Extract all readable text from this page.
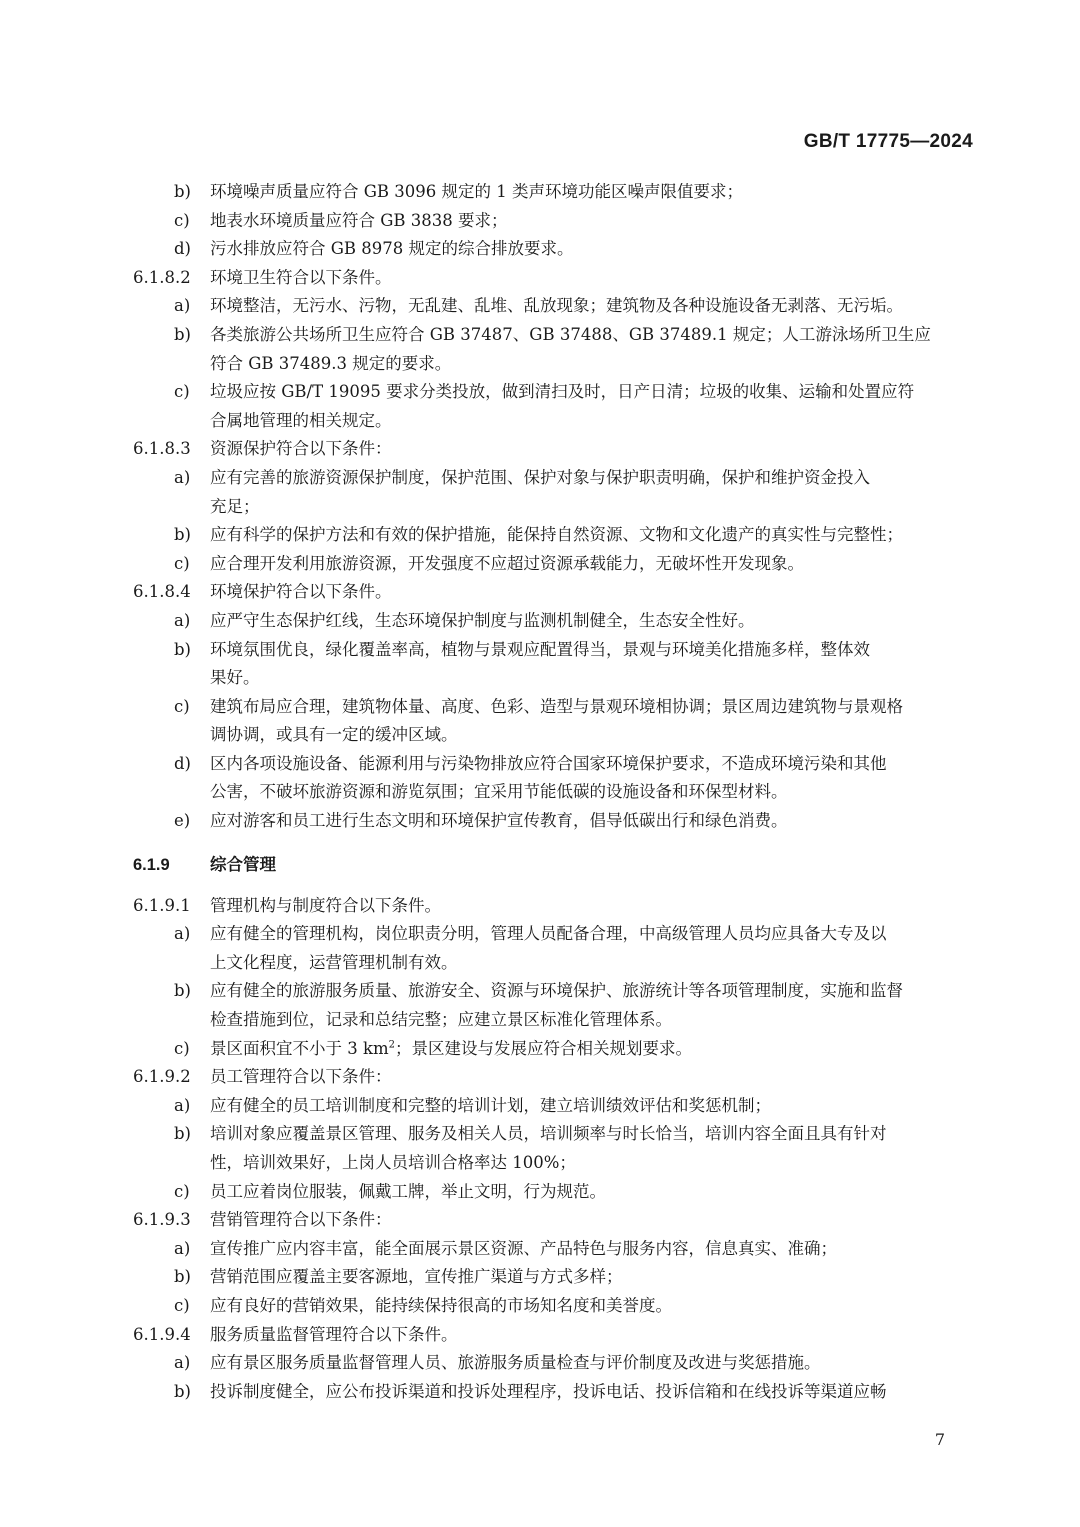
GB/T 17775—2024
b) 环境噪声质量应符合 GB 3096 规定的 1 类声环境功能区噪声限值要求；
c) 地表水环境质量应符合 GB 3838 要求；
d) 污水排放应符合 GB 8978 规定的综合排放要求。
6.1.8.2 环境卫生符合以下条件。
a) 环境整洁，无污水、污物，无乱建、乱堆、乱放现象；建筑物及各种设施设备无剥落、无污垢。
b) 各类旅游公共场所卫生应符合 GB 37487、GB 37488、GB 37489.1 规定；人工游泳场所卫生应
符合 GB 37489.3 规定的要求。
c) 垃圾应按 GB/T 19095 要求分类投放，做到清扫及时，日产日清；垃圾的收集、运输和处置应符
合属地管理的相关规定。
6.1.8.3 资源保护符合以下条件：
a) 应有完善的旅游资源保护制度，保护范围、保护对象与保护职责明确，保护和维护资金投入
充足；
b) 应有科学的保护方法和有效的保护措施，能保持自然资源、文物和文化遗产的真实性与完整性；
c) 应合理开发利用旅游资源，开发强度不应超过资源承载能力，无破坏性开发现象。
6.1.8.4 环境保护符合以下条件。
a) 应严守生态保护红线，生态环境保护制度与监测机制健全，生态安全性好。
b) 环境氛围优良，绿化覆盖率高，植物与景观应配置得当，景观与环境美化措施多样，整体效
果好。
c) 建筑布局应合理，建筑物体量、高度、色彩、造型与景观环境相协调；景区周边建筑物与景观格
调协调，或具有一定的缓冲区域。
d) 区内各项设施设备、能源利用与污染物排放应符合国家环境保护要求，不造成环境污染和其他
公害，不破坏旅游资源和游览氛围；宜采用节能低碳的设施设备和环保型材料。
e) 应对游客和员工进行生态文明和环境保护宣传教育，倡导低碳出行和绿色消费。
6.1.9 综合管理
6.1.9.1 管理机构与制度符合以下条件。
a) 应有健全的管理机构，岗位职责分明，管理人员配备合理，中高级管理人员均应具备大专及以
上文化程度，运营管理机制有效。
b) 应有健全的旅游服务质量、旅游安全、资源与环境保护、旅游统计等各项管理制度，实施和监督
检查措施到位，记录和总结完整；应建立景区标准化管理体系。
c) 景区面积宜不小于 3 $km^2$；景区建设与发展应符合相关规划要求。
6.1.9.2 员工管理符合以下条件：
a) 应有健全的员工培训制度和完整的培训计划，建立培训绩效评估和奖惩机制；
b) 培训对象应覆盖景区管理、服务及相关人员，培训频率与时长恰当，培训内容全面且具有针对
性，培训效果好，上岗人员培训合格率达 100%；
c) 员工应着岗位服装，佩戴工牌，举止文明，行为规范。
6.1.9.3 营销管理符合以下条件：
a) 宣传推广应内容丰富，能全面展示景区资源、产品特色与服务内容，信息真实、准确；
b) 营销范围应覆盖主要客源地，宣传推广渠道与方式多样；
c) 应有良好的营销效果，能持续保持很高的市场知名度和美誉度。
6.1.9.4 服务质量监督管理符合以下条件。
a) 应有景区服务质量监督管理人员、旅游服务质量检查与评价制度及改进与奖惩措施。
b) 投诉制度健全，应公布投诉渠道和投诉处理程序，投诉电话、投诉信箱和在线投诉等渠道应畅
7
